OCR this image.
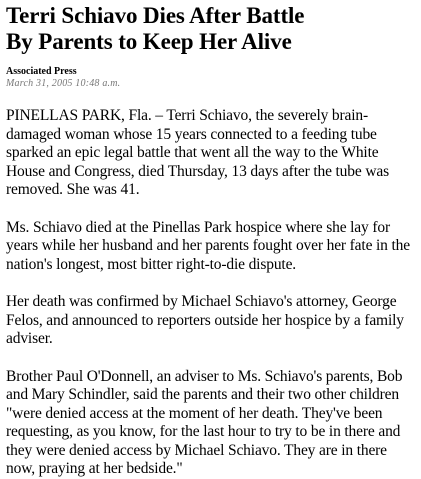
Terri Schiavo Dies After Battle
By Parents to Keep Her Alive
Associated Press
March 31, 2005 10:48 a.m.

PINELLAS PARK, Fla. – Terri Schiavo, the severely brain-damaged woman whose 15 years connected to a feeding tube sparked an epic legal battle that went all the way to the White House and Congress, died Thursday, 13 days after the tube was removed. She was 41.

Ms. Schiavo died at the Pinellas Park hospice where she lay for years while her husband and her parents fought over her fate in the nation's longest, most bitter right-to-die dispute.

Her death was confirmed by Michael Schiavo's attorney, George Felos, and announced to reporters outside her hospice by a family adviser.

Brother Paul O'Donnell, an adviser to Ms. Schiavo's parents, Bob and Mary Schindler, said the parents and their two other children "were denied access at the moment of her death. They've been requesting, as you know, for the last hour to try to be in there and they were denied access by Michael Schiavo. They are in there now, praying at her bedside."
